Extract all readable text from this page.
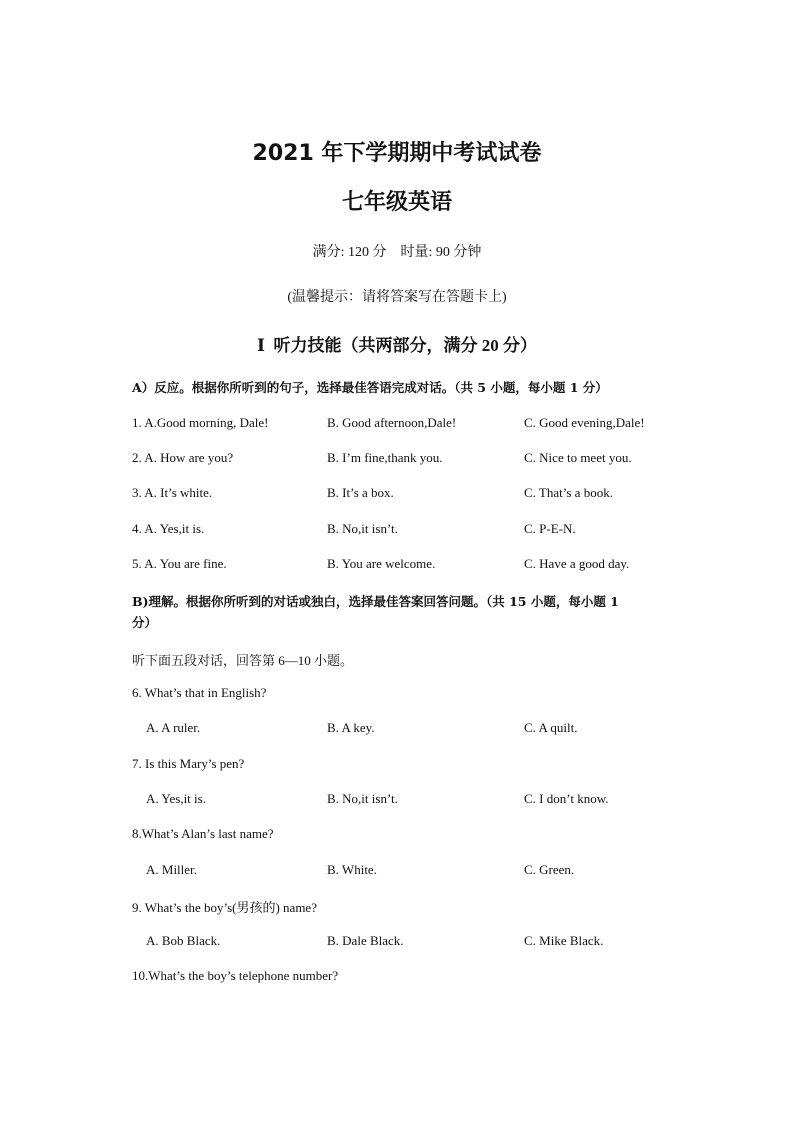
2021 年下学期期中考试试卷
七年级英语
满分: 120 分    时量: 90 分钟
(温馨提示：请将答案写在答题卡上)
Ⅰ  听力技能（共两部分，满分 20 分）
A）反应。根据你所听到的句子，选择最佳答语完成对话。（共 5 小题，每小题 1 分）
1. A.Good morning, Dale!	B. Good afternoon,Dale!	C. Good evening,Dale!
2. A. How are you?	B. I’m fine,thank you.	C. Nice to meet you.
3. A. It’s white.	B. It’s a box.	C. That’s a book.
4. A. Yes,it is.	B. No,it isn’t.	C. P-E-N.
5. A. You are fine.	B. You are welcome.	C. Have a good day.
B)理解。根据你所听到的对话或独白，选择最佳答案回答问题。（共 15 小题，每小题 1
分）
听下面五段对话，回答第 6—10 小题。
6. What’s that in English?
A. A ruler.	B. A key.	C. A quilt.
7. Is this Mary’s pen?
A. Yes,it is.	B. No,it isn’t.	C. I don’t know.
8.What’s Alan’s last name?
A. Miller.	B. White.	C. Green.
9. What’s the boy’s(男孩的) name?
A. Bob Black.	B. Dale Black.	C. Mike Black.
10.What’s the boy’s telephone number?
